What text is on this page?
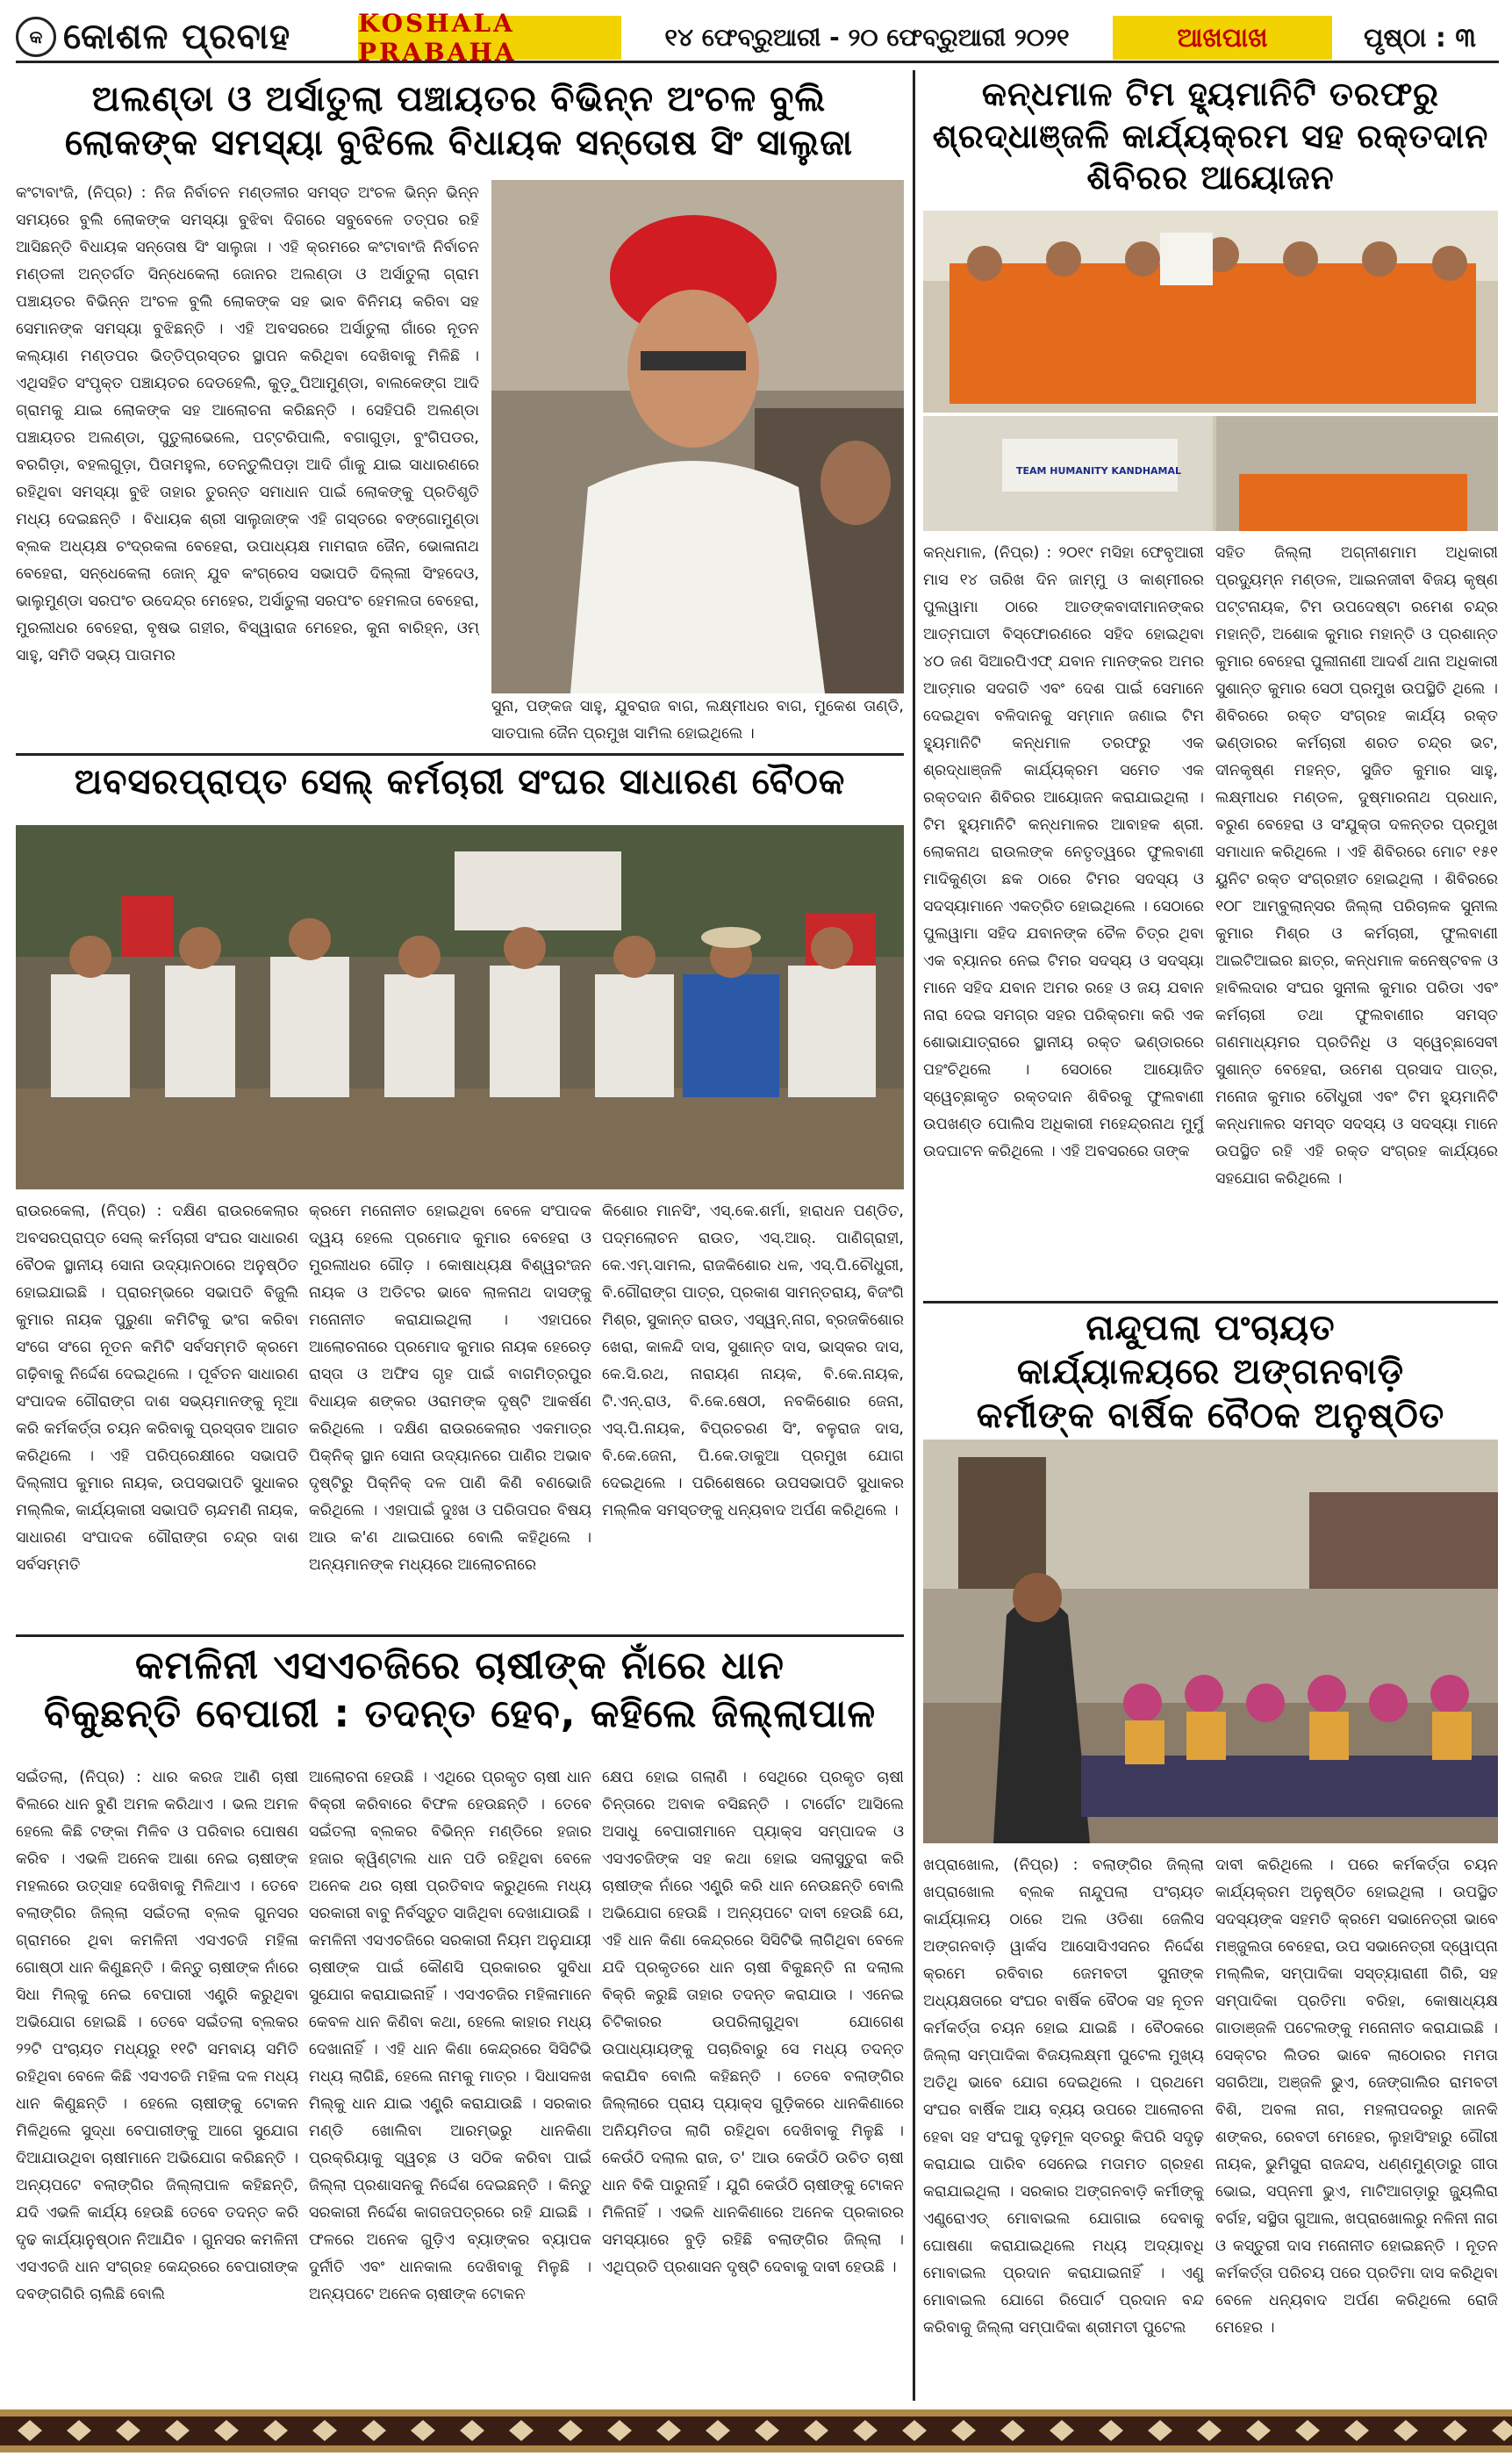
କ କୋଶଳ ପ୍ରବାହ	KOSHALA PRABAHA
୧୪ ଫେବ୍ରୁଆରୀ - ୨୦ ଫେବ୍ରୁଆରୀ ୨୦୨୧	ଆଖପାଖ	ପୃଷ୍ଠା : ୩
ଅଲଣ୍ଡା ଓ ଅର୍ସାତୁଲା ପଞ୍ଚାୟତର ବିଭିନ୍ନ ଅଂଚଳ ବୁଲି
ଲୋକଙ୍କ ସମସ୍ୟା ବୁଝିଲେ ବିଧାୟକ ସନ୍ତୋଷ ସିଂ ସାଲୁଜା
କଂଟାବାଂଜି, (ନିପ୍ର) : ନିଜ ନିର୍ବାଚନ ମଣ୍ଡଳୀର ସମସ୍ତ ଅଂଚଳ ଭିନ୍ନ ଭିନ୍ନ ସମୟରେ ବୁଲି ଲୋକଙ୍କ ସମସ୍ୟା ବୁଝିବା ଦିଗରେ ସବୁବେଳେ ତତ୍ପର ରହି ଆସିଛନ୍ତି ବିଧାୟକ ସନ୍ତୋଷ ସିଂ ସାଲୁଜା । ଏହି କ୍ରମରେ କଂଟାବାଂଜି ନିର୍ବାଚନ ମଣ୍ଡଳୀ ଅନ୍ତର୍ଗତ ସିନ୍ଧେକେଲା ଜୋନର ଅଲଣ୍ଡା ଓ ଅର୍ସାତୁଲା ଗ୍ରାମ ପଞ୍ଚାୟତର ବିଭିନ୍ନ ଅଂଚଳ ବୁଲି ଲୋକଙ୍କ ସହ ଭାବ ବିନିମୟ କରିବା ସହ ସେମାନଙ୍କ ସମସ୍ୟା ବୁଝିଛନ୍ତି । ଏହି ଅବସରରେ ଅର୍ସାତୁଲା ଗାଁରେ ନୂତନ କଲ୍ୟାଣ ମଣ୍ଡପର ଭିତ୍ତିପ୍ରସ୍ତର ସ୍ଥାପନ କରିଥିବା ଦେଖିବାକୁ ମିଳିଛି । ଏଥିସହିତ ସଂପୃକ୍ତ ପଞ୍ଚାୟତର ଦେଡହେଲି, କୁଡ଼ୁପିଆମୁଣ୍ଡା, ବାଲକେଙ୍ଗ ଆଦି ଗ୍ରାମକୁ ଯାଇ ଲୋକଙ୍କ ସହ ଆଲୋଚନା କରିଛନ୍ତି । ସେହିପରି ଅଲଣ୍ଡା ପଞ୍ଚାୟତର ଅଲଣ୍ଡା, ପୁତୁଲାଭେଲେ, ପଟ୍ଟରିପାଲି, ବଗାଗୁଡ଼ା, ବୁଂଗିପଡର, ବରଗିଡ଼ା, ବହଲଗୁଡ଼ା, ପିତାମହୁଲ, ତେନ୍ତୁଲିପଡ଼ା ଆଦି ଗାଁକୁ ଯାଇ ସାଧାରଣରେ ରହିଥିବା ସମସ୍ୟା ବୁଝି ତାହାର ତୁରନ୍ତ ସମାଧାନ ପାଇଁ ଲୋକଙ୍କୁ ପ୍ରତିଶୃତି ମଧ୍ୟ ଦେଇଛନ୍ତି । ବିଧାୟକ ଶ୍ରୀ ସାଲୁଜାଙ୍କ ଏହି ଗସ୍ତରେ ବଙ୍ଗୋମୁଣ୍ଡା ବ୍ଲକ ଅଧ୍ୟକ୍ଷ ଚଂଦ୍ରକଳା ବେହେରା, ଉପାଧ୍ୟକ୍ଷ ମାମରାଜ ଜୈନ, ଭୋଳାନାଥ ବେହେରା, ସନ୍ଧେକେଲା ଜୋନ୍ ଯୁବ କଂଗ୍ରେସ ସଭାପତି ଦିଲ୍ଲୀ ସିଂହଦେଓ, ଭାଲୁମୁଣ୍ଡା ସରପଂଚ ଉଦେନ୍ଦ୍ର ମେହେର, ଅର୍ସାତୁଲା ସରପଂଚ ହେମଲତା ବେହେରା, ମୁରଲୀଧର ବେହେରା, ବୃଷଭ ଗହୀର, ବିସ୍ୱାରାଜ ମେହେର, କୁନା ବାରିହ୍ନ, ଓମ୍ ସାହୁ, ସମିତି ସଭ୍ୟ ପାତାମର
ସୁନା, ପଙ୍କଜ ସାହୁ, ଯୁବରାଜ ବାଗ, ଲକ୍ଷ୍ମୀଧର ବାଗ, ମୁକେଶ ତାଣ୍ଡି, ସାତପାଲ ଜୈନ ପ୍ରମୁଖ ସାମିଲ ହୋଇଥିଲେ ।
ଅବସରପ୍ରାପ୍ତ ସେଲ୍ କର୍ମଚାରୀ ସଂଘର ସାଧାରଣ ବୈଠକ
ରାଉରକେଲା, (ନିପ୍ର) : ଦକ୍ଷିଣ ରାଉରକେଲାର ଅବସରପ୍ରାପ୍ତ ସେଲ୍ କର୍ମଚାରୀ ସଂଘର ସାଧାରଣ ବୈଠକ ସ୍ଥାନୀୟ ସୋନା ଉଦ୍ୟାନଠାରେ ଅନୁଷ୍ଠିତ ହୋଇଯାଇଛି । ପ୍ରାରମ୍ଭରେ ସଭାପତି ବିଜୁଲି କୁମାର ନାୟକ ପୁରୁଣା କମିଟିକୁ ଭଂଗ କରିବା ସଂଗେ ସଂଗେ ନୂତନ କମିଟି ସର୍ବସମ୍ମତି କ୍ରମେ ଗଢ଼ିବାକୁ ନିର୍ଦ୍ଦେଶ ଦେଇଥିଲେ । ପୂର୍ବତନ ସାଧାରଣ ସଂପାଦକ ଗୌରାଙ୍ଗ ଦାଶ ସଭ୍ୟମାନଙ୍କୁ ନୂଆ କରି କର୍ମକର୍ତ୍ତା ଚୟନ କରିବାକୁ ପ୍ରସ୍ତାବ ଆଗତ କରିଥିଲେ । ଏହି ପରିପ୍ରେକ୍ଷୀରେ ସଭାପତି ଦିଲ୍ଲୀପ କୁମାର ନାୟକ, ଉପସଭାପତି ସୁଧାକର ମଲ୍ଲିକ, କାର୍ଯ୍ୟକାରୀ ସଭାପତି ଚାନ୍ଦମଣି ନାୟକ, ସାଧାରଣ ସଂପାଦକ ଗୌରାଙ୍ଗ ଚନ୍ଦ୍ର ଦାଶ ସର୍ବସମ୍ମତି
କ୍ରମେ ମନୋନୀତ ହୋଇଥିବା ବେଳେ ସଂପାଦକ ଦ୍ୱୟ ହେଲେ ପ୍ରମୋଦ କୁମାର ବେହେରା ଓ ମୁରଲୀଧର ଗୌଡ଼ । କୋଷାଧ୍ୟକ୍ଷ ବିଶ୍ୱରଂଜନ ନାୟକ ଓ ଅଡିଟର ଭାବେ ଲାଳନାଥ ଦାସଙ୍କୁ ମନୋନୀତ କରାଯାଇଥିଲା । ଏହାପରେ ଆଲୋଚନାରେ ପ୍ରମୋଦ କୁମାର ନାୟକ ହେରେଡ଼ ରାସ୍ତା ଓ ଅଫିସ ଗୃହ ପାଇଁ ବାଗମିତ୍ରପୁର ବିଧାୟକ ଶଙ୍କର ଓରାମଙ୍କ ଦୃଷ୍ଟି ଆକର୍ଷଣ କରିଥିଲେ । ଦକ୍ଷିଣ ରାଉରକେଲାର ଏକମାତ୍ର ପିକ୍ନିକ୍ ସ୍ଥାନ ସୋନା ଉଦ୍ୟାନରେ ପାଣିର ଅଭାବ ଦୃଷ୍ଟିରୁ ପିକ୍ନିକ୍ ଦଳ ପାଣି କିଣି ବଣଭୋଜି କରିଥିଲେ । ଏହାପାଇଁ ଦୁଃଖ ଓ ପରିତାପର ବିଷୟ ଆଉ କ'ଣ ଥାଇପାରେ ବୋଲି କହିଥିଲେ । ଅନ୍ୟମାନଙ୍କ ମଧ୍ୟରେ ଆଲୋଚନାରେ
କିଶୋର ମାନସିଂ, ଏସ୍.କେ.ଶର୍ମା, ହାରାଧନ ପଣ୍ଡିତ, ପଦ୍ମଲୋଚନ ରାଉତ, ଏସ୍.ଆର୍. ପାଣିଗ୍ରାହୀ, କେ.ଏମ୍.ସାମଲ, ରାଜକିଶୋର ଧଳ, ଏସ୍.ପି.ଚୌଧୁରୀ, ବି.ଗୌରାଙ୍ଗ ପାତ୍ର, ପ୍ରକାଶ ସାମନ୍ତରାୟ, ବିଜଂଗି ମିଶ୍ର, ସୁକାନ୍ତ ରାଉତ, ଏସ୍ୱନ୍.ନାଗ, ବ୍ରଜକିଶୋର ଖେରା, କାଳନ୍ଦି ଦାସ, ସୁଶାନ୍ତ ଦାସ, ଭାସ୍କର ଦାସ, କେ.ସି.ରଥ, ନାରାୟଣ ନାୟକ, ବି.କେ.ନାୟକ, ଟି.ଏନ୍.ରାଓ, ବି.କେ.ଷେଠୀ, ନବକିଶୋର ଜେନା, ଏସ୍.ପି.ନାୟକ, ବିପ୍ରଚରଣ ସିଂ, ବଳୁରାଜ ଦାସ, ବି.କେ.ଜେନା, ପି.କେ.ଡାକୁଆ ପ୍ରମୁଖ ଯୋଗ ଦେଇଥିଲେ । ପରିଶେଷରେ ଉପସଭାପତି ସୁଧାକର ମଲ୍ଲିକ ସମସ୍ତଙ୍କୁ ଧନ୍ୟବାଦ ଅର୍ପଣ କରିଥିଲେ ।
କମଳିନୀ ଏସଏଚଜିରେ ଚାଷୀଙ୍କ ନାଁରେ ଧାନ
ବିକୁଛନ୍ତି ବେପାରୀ : ତଦନ୍ତ ହେବ, କହିଲେ ଜିଲ୍ଲାପାଳ
ସଇଁତଲା, (ନିପ୍ର) : ଧାର କରଜ ଆଣି ଚାଷୀ ବିଲରେ ଧାନ ବୁଣି ଅମଳ କରିଥାଏ । ଭଲ ଅମଳ ହେଲେ କିଛି ଟଙ୍କା ମିଳିବ ଓ ପରିବାର ପୋଷଣ କରିବ । ଏଭଳି ଅନେକ ଆଶା ନେଇ ଚାଷୀଙ୍କ ମହଲରେ ଉତ୍ସାହ ଦେଖିବାକୁ ମିଳିଥାଏ । ତେବେ ବଲାଙ୍ଗିର ଜିଲ୍ଲା ସଇଁତଲା ବ୍ଲକ ଗୁନସର ଗ୍ରାମରେ ଥିବା କମଳିନୀ ଏସଏଚଜି ମହିଳା ଗୋଷ୍ଠୀ ଧାନ କିଣୁଛନ୍ତି । କିନ୍ତୁ ଚାଷୀଙ୍କ ନାଁରେ ସିଧା ମିଲ୍କୁ ନେଇ ବେପାରୀ ଏଣ୍ଟ୍ରି କରୁଥିବା ଅଭିଯୋଗ ହୋଇଛି । ତେବେ ସଇଁତଲା ବ୍ଲକର ୨୨ଟି ପଂଚାୟତ ମଧ୍ୟରୁ ୧୧ଟି ସମବାୟ ସମିତି ରହିଥିବା ବେଳେ କିଛି ଏସଏଚଜି ମହିଳା ଦଳ ମଧ୍ୟ ଧାନ କିଣୁଛନ୍ତି । ହେଲେ ଚାଷୀଙ୍କୁ ଟୋକନ ମିଳିଥିଲେ ସୁଦ୍ଧା ବେପାରୀଙ୍କୁ ଆଗେ ସୁଯୋଗ ଦିଆଯାଉଥିବା ଚାଷୀମାନେ ଅଭିଯୋଗ କରିଛନ୍ତି । ଅନ୍ୟପଟେ ବଲାଙ୍ଗିର ଜିଲ୍ଲାପାଳ କହିଛନ୍ତି, ଯଦି ଏଭଳି କାର୍ଯ୍ୟ ହେଉଛି ତେବେ ତଦନ୍ତ କରି ଦୃଢ କାର୍ଯ୍ୟାନୁଷ୍ଠାନ ନିଆଯିବ । ଗୁନସର କମଳିନୀ ଏସଏଚଜି ଧାନ ସଂଗ୍ରହ କେନ୍ଦ୍ରରେ ବେପାରୀଙ୍କ ଦବଙ୍ଗଗିରି ଚାଲିଛି ବୋଲି
ଆଲୋଚନା ହେଉଛି । ଏଥିରେ ପ୍ରକୃତ ଚାଷୀ ଧାନ ବିକ୍ରୀ କରିବାରେ ବିଫଳ ହେଉଛନ୍ତି । ତେବେ ସଇଁତଲା ବ୍ଲକର ବିଭିନ୍ନ ମଣ୍ଡିରେ ହଜାର ହଜାର କ୍ୱିଣ୍ଟାଲ ଧାନ ପଡି ରହିଥିବା ବେଳେ ଅନେକ ଥର ଚାଷୀ ପ୍ରତିବାଦ କରୁଥିଲେ ମଧ୍ୟ ସରକାରୀ ବାବୁ ନିର୍ବସ୍ତୁତ ସାଜିଥିବା ଦେଖାଯାଉଛି । କମଳିନୀ ଏସଏଚଜିରେ ସରକାରୀ ନିୟମ ଅନୁଯାୟୀ ଚାଷୀଙ୍କ ପାଇଁ କୌଣସି ପ୍ରକାରର ସୁବିଧା ସୁଯୋଗ କରାଯାଇନାହିଁ । ଏସଏଚଜିର ମହିଳାମାନେ କେବଳ ଧାନ କିଣିବା କଥା, ହେଲେ କାହାର ମଧ୍ୟ ଦେଖାନାହିଁ । ଏହି ଧାନ କିଣା କେନ୍ଦ୍ରରେ ସିସିଟିଭି ମଧ୍ୟ ଲାଗିଛି, ହେଲେ ନାମକୁ ମାତ୍ର । ସିଧାସଳଖ ମିଲ୍କୁ ଧାନ ଯାଇ ଏଣ୍ଟ୍ରି କରାଯାଉଛି । ସରକାର ମଣ୍ଡି ଖୋଲିବା ଆରମ୍ଭରୁ ଧାନକିଣା ପ୍ରକ୍ରିୟାକୁ ସ୍ୱଚ୍ଛ ଓ ସଠିକ କରିବା ପାଇଁ ଜିଲ୍ଲା ପ୍ରଶାସନକୁ ନିର୍ଦ୍ଦେଶ ଦେଇଛନ୍ତି । କିନ୍ତୁ ସରକାରୀ ନିର୍ଦ୍ଦେଶ କାଗଜପତ୍ରରେ ରହି ଯାଇଛି । ଫଳରେ ଅନେକ ଗୁଡ଼ିଏ ବ୍ୟାଙ୍କର ବ୍ୟାପକ ଦୁର୍ନୀତି ଏବଂ ଧାନକାଲ ଦେଖିବାକୁ ମିଳୁଛି । ଅନ୍ୟପଟେ ଅନେକ ଚାଷୀଙ୍କ ଟୋକନ
କ୍ଷେପ ହୋଇ ଗଲାଣି । ସେଥିରେ ପ୍ରକୃତ ଚାଷୀ ଚିନ୍ତାରେ ଅବାକ ବସିଛନ୍ତି । ଟାର୍ଗେଟ ଆସିଲେ ଅସାଧୁ ବେପାରୀମାନେ ପ୍ୟାକ୍ସ ସମ୍ପାଦକ ଓ ଏସଏଚଜିଙ୍କ ସହ କଥା ହୋଇ ସଲାସୁତୁରା କରି ଚାଷୀଙ୍କ ନାଁରେ ଏଣ୍ଟ୍ରି କରି ଧାନ ନେଉଛନ୍ତି ବୋଲି ଅଭିଯୋଗ ହେଉଛି । ଅନ୍ୟପଟେ ଦାବୀ ହେଉଛି ଯେ, ଏହି ଧାନ କିଣା କେନ୍ଦ୍ରରେ ସିସିଟିଭି ଲାଗିଥିବା ବେଳେ ଯଦି ପ୍ରକୃତରେ ଧାନ ଚାଷୀ ବିକୁଛନ୍ତି ନା ଦଲାଲ ବିକ୍ରି କରୁଛି ତାହାର ତଦନ୍ତ କରାଯାଉ । ଏନେଇ ଚିଟିକାରର ଉପରିଲାଗୁଥିବା ଯୋଗେଶ ଉପାଧ୍ୟାୟଙ୍କୁ ପଚାରିବାରୁ ସେ ମଧ୍ୟ ତଦନ୍ତ କରାଯିବ ବୋଲି କହିଛନ୍ତି । ତେବେ ବଲାଙ୍ଗିର ଜିଲ୍ଲାରେ ପ୍ରାୟ ପ୍ୟାକ୍ସ ଗୁଡ଼ିକରେ ଧାନକିଣାରେ ଅନିୟମିତତା ଲାଗି ରହିଥିବା ଦେଖିବାକୁ ମିଳୁଛି । କେଉଁଠି ଦଲାଲ ରାଜ, ତ' ଆଉ କେଉଁଠି ଉଚିତ ଚାଷୀ ଧାନ ବିକି ପାରୁନାହିଁ । ଯୁଗି କେଉଁଠି ଚାଷୀଙ୍କୁ ଟୋକନ ମିଳିନାହିଁ । ଏଭଳି ଧାନକିଣାରେ ଅନେକ ପ୍ରକାରର ସମସ୍ୟାରେ ବୁଡ଼ି ରହିଛି ବଲାଙ୍ଗିର ଜିଲ୍ଲା । ଏଥିପ୍ରତି ପ୍ରଶାସନ ଦୃଷ୍ଟି ଦେବାକୁ ଦାବୀ ହେଉଛି ।
କନ୍ଧମାଳ ଟିମ ହ୍ୟୁମାନିଟି ତରଫରୁ
ଶ୍ରଦ୍ଧାଞ୍ଜଳି କାର୍ଯ୍ୟକ୍ରମ ସହ ରକ୍ତଦାନ
ଶିବିରର ଆୟୋଜନ
TEAM HUMANITY KANDHAMAL
କନ୍ଧମାଳ, (ନିପ୍ର) : ୨୦୧୯ ମସିହା ଫେବୃଆରୀ ମାସ ୧୪ ତାରିଖ ଦିନ ଜାମ୍ମୁ ଓ କାଶ୍ମୀରର ପୁଲୱାମା ଠାରେ ଆତଙ୍କବାଦୀମାନଙ୍କର ଆତ୍ମଘାତୀ ବିସ୍ଫୋରଣରେ ସହିଦ ହୋଇଥିବା ୪୦ ଜଣ ସିଆରପିଏଫ୍ ଯବାନ ମାନଙ୍କର ଅମର ଆତ୍ମାର ସଦଗତି ଏବଂ ଦେଶ ପାଇଁ ସେମାନେ ଦେଇଥିବା ବଳିଦାନକୁ ସମ୍ମାନ ଜଣାଇ ଟିମ ହ୍ୟୁମାନିଟି କନ୍ଧମାଳ ତରଫରୁ ଏକ ଶ୍ରଦ୍ଧାଞ୍ଜଳି କାର୍ଯ୍ୟକ୍ରମ ସମେତ ଏକ ରକ୍ତଦାନ ଶିବିରର ଆୟୋଜନ କରାଯାଇଥିଲା । ଟିମ ହ୍ୟୁମାନିଟି କନ୍ଧମାଳର ଆବାହକ ଶ୍ରୀ. ଲୋକନାଥ ରାଉଲଙ୍କ ନେତୃତ୍ୱରେ ଫୁଲବାଣୀ ମାଦିକୁଣ୍ଡା ଛକ ଠାରେ ଟିମର ସଦସ୍ୟ ଓ ସଦସ୍ୟାମାନେ ଏକତ୍ରିତ ହୋଇଥିଲେ । ସେଠାରେ ପୁଲୱାମା ସହିଦ ଯବାନଙ୍କ ଚୈଳ ଚିତ୍ର ଥିବା ଏକ ବ୍ୟାନର ନେଇ ଟିମର ସଦସ୍ୟ ଓ ସଦସ୍ୟା ମାନେ ସହିଦ ଯବାନ ଅମର ରହେ ଓ ଜୟ ଯବାନ ନାରା ଦେଇ ସମଗ୍ର ସହର ପରିକ୍ରମା କରି ଏକ ଶୋଭାଯାତ୍ରାରେ ସ୍ଥାନୀୟ ରକ୍ତ ଭଣ୍ଡାରରେ ପହଂଚିଥିଲେ । ସେଠାରେ ଆୟୋଜିତ ସ୍ୱେଚ୍ଛାକୃତ ରକ୍ତଦାନ ଶିବିରକୁ ଫୁଲବାଣୀ ଉପଖଣ୍ଡ ପୋଲିସ ଅଧିକାରୀ ମହେନ୍ଦ୍ରନାଥ ମୁର୍ମୁ ଉଦଘାଟନ କରିଥିଲେ । ଏହି ଅବସରରେ ତାଙ୍କ
ସହିତ ଜିଲ୍ଲା ଅଗ୍ନୀଶମାମ ଅଧିକାରୀ ପ୍ରଦ୍ୟୁମ୍ନ ମଣ୍ଡଳ, ଆଇନଜୀବୀ ବିଜୟ କୃଷ୍ଣ ପଟ୍ଟନାୟକ, ଟିମ ଉପଦେଷ୍ଟା ରମେଶ ଚନ୍ଦ୍ର ମହାନ୍ତି, ଅଶୋକ କୁମାର ମହାନ୍ତି ଓ ପ୍ରଶାନ୍ତ କୁମାର ବେହେରା ପୁଲୀନାଣୀ ଆଦର୍ଶ ଥାନା ଅଧିକାରୀ ସୁଶାନ୍ତ କୁମାର ସେଠୀ ପ୍ରମୁଖ ଉପସ୍ଥିତି ଥିଲେ । ଶିବିରରେ ରକ୍ତ ସଂଗ୍ରହ କାର୍ଯ୍ୟ ରକ୍ତ ଭଣ୍ଡାରର କର୍ମଚାରୀ ଶରତ ଚନ୍ଦ୍ର ଭଟ, ଦୀନକୃଷ୍ଣ ମହନ୍ତ, ସୁଜିତ କୁମାର ସାହୁ, ଲକ୍ଷ୍ମୀଧର ମଣ୍ଡଳ, ଦୁଷ୍ମାରନାଥ ପ୍ରଧାନ, ବରୁଣ ବେହେରା ଓ ସଂଯୁକ୍ତା ଦଳନ୍ତର ପ୍ରମୁଖ ସମାଧାନ କରିଥିଲେ । ଏହି ଶିବିରରେ ମୋଟ ୧୫୧ ୟୁନିଟ ରକ୍ତ ସଂଗ୍ରହୀତ ହୋଇଥିଲା । ଶିବିରରେ ୧୦୮ ଆମ୍ବୁଲାନ୍ସର ଜିଲ୍ଲା ପରିଚାଳକ ସୁନୀଲ କୁମାର ମିଶ୍ର ଓ କର୍ମଚାରୀ, ଫୁଲବାଣୀ ଆଇଟିଆଇର ଛାତ୍ର, କନ୍ଧମାଳ କନେଷ୍ଟବଳ ଓ ହାବିଲଦାର ସଂଘର ସୁନୀଲ କୁମାର ପରିଡା ଏବଂ କର୍ମଚାରୀ ତଥା ଫୁଲବାଣୀର ସମସ୍ତ ଗଣମାଧ୍ୟମର ପ୍ରତିନିଧି ଓ ସ୍ୱେଚ୍ଛାସେବୀ ସୁଶାନ୍ତ ବେହେରା, ଉମେଶ ପ୍ରସାଦ ପାତ୍ର, ମନୋଜ କୁମାର ଚୌଧୁରୀ ଏବଂ ଟିମ ହ୍ୟୁମାନିଟି କନ୍ଧମାଳର ସମସ୍ତ ସଦସ୍ୟ ଓ ସଦସ୍ୟା ମାନେ ଉପସ୍ଥିତ ରହି ଏହି ରକ୍ତ ସଂଗ୍ରହ କାର୍ଯ୍ୟରେ ସହଯୋଗ କରିଥିଲେ ।
ନାନ୍ଦୁପଲା ପଂଚାୟତ
କାର୍ଯ୍ୟାଳୟରେ ଅଙ୍ଗନବାଡ଼ି
କର୍ମୀଙ୍କ ବାର୍ଷିକ ବୈଠକ ଅନୁଷ୍ଠିତ
ଖପ୍ରାଖୋଲ, (ନିପ୍ର) : ବଲାଙ୍ଗିର ଜିଲ୍ଲା ଖପ୍ରାଖୋଲ ବ୍ଲକ ନାନ୍ଦୁପଲା ପଂଚାୟତ କାର୍ଯ୍ୟାଳୟ ଠାରେ ଅଲ ଓଡିଶା ଜେଲିସ ଅଙ୍ଗନବାଡ଼ି ୱାର୍କସ ଆସୋସିଏସନର ନିର୍ଦ୍ଦେଶ କ୍ରମେ ରବିବାର ଜେମବତୀ ସୁନାଙ୍କ ଅଧ୍ୟକ୍ଷତାରେ ସଂଘର ବାର୍ଷିକ ବୈଠକ ସହ ନୂତନ କର୍ମକର୍ତ୍ତା ଚୟନ ହୋଇ ଯାଇଛି । ବୈଠକରେ ଜିଲ୍ଲା ସମ୍ପାଦିକା ବିଜୟଲକ୍ଷ୍ମୀ ପୁଟେଲ ମୁଖ୍ୟ ଅତିଥି ଭାବେ ଯୋଗ ଦେଇଥିଲେ । ପ୍ରଥମେ ସଂଘର ବାର୍ଷିକ ଆୟ ବ୍ୟୟ ଉପରେ ଆଲୋଚନା ହେବା ସହ ସଂଘକୁ ଦୃଢ଼ମୂଳ ସ୍ତରରୁ କିପରି ସଦୃଢ଼ କରାଯାଇ ପାରିବ ସେନେଇ ମତାମତ ଗ୍ରହଣ କରାଯାଇଥିଲା । ସରକାର ଅଙ୍ଗନବାଡ଼ି କର୍ମୀଙ୍କୁ ଏଣ୍ଡ୍ରୋଏଡ୍ ମୋବାଇଲ ଯୋଗାଇ ଦେବାକୁ ଘୋଷଣା କରାଯାଇଥିଲେ ମଧ୍ୟ ଅଦ୍ୟାବଧି ମୋବାଇଲ ପ୍ରଦାନ କରାଯାଇନାହିଁ । ଏଣୁ ମୋବାଇଲ ଯୋଗେ ରିପୋର୍ଟ ପ୍ରଦାନ ବନ୍ଦ କରିବାକୁ ଜିଲ୍ଲା ସମ୍ପାଦିକା ଶ୍ରୀମତୀ ପୁଟେଲ
ଦାବୀ କରିଥିଲେ । ପରେ କର୍ମକର୍ତ୍ତା ଚୟନ କାର୍ଯ୍ୟକ୍ରମ ଅନୁଷ୍ଠିତ ହୋଇଥିଲା । ଉପସ୍ଥିତ ସଦସ୍ୟଙ୍କ ସହମତି କ୍ରମେ ସଭାନେତ୍ରୀ ଭାବେ ମଞ୍ଜୁଲତା ବେହେରା, ଉପ ସଭାନେତ୍ରୀ ଦ୍ୱୋପ୍ନା ମଲ୍ଲିକ, ସମ୍ପାଦିକା ସସ୍ତ୍ୟାରାଣୀ ଗିରି, ସହ ସମ୍ପାଦିକା ପ୍ରତିମା ବରିହା, କୋଷାଧ୍ୟକ୍ଷ ଗାଡାଞ୍ଜଳି ପଟେଲଙ୍କୁ ମନୋନୀତ କରାଯାଇଛି । ସେକ୍ଟର ଲିଡର ଭାବେ ଲାଠୋରର ମମତା ସଗରିଆ, ଅଞ୍ଜଳି ଭୁଏ, ଜେଙ୍ଗାଲିର ରାମବତୀ ବିଶି, ଅବଳା ନାଗ, ମହଲାପଦରରୁ ଜାନକି ଶଙ୍କର, ରେବତୀ ମେହେର, ଲୁହାସିଂହାରୁ ଗୌରୀ ନାୟକ, ଭୁମିସୁରା ରାଜନ୍ଦସ, ଧଣ୍ଣମୁଣ୍ଡାରୁ ଗୀତା ଭୋଇ, ସପ୍ନମୀ ଭୁଏ, ମାଟିଆଗଡ଼ାରୁ ଜ୍ୟୁଲିରା ବର୍ଗହ, ସସ୍ଥିତା ଗୁଆଲ, ଖପ୍ରାଖୋଲରୁ ନଳିନୀ ନାଗ ଓ କସ୍ତୁରୀ ଦାସ ମନୋନୀତ ହୋଇଛନ୍ତି । ନୂତନ କର୍ମକର୍ତ୍ତା ପରିଚୟ ପରେ ପ୍ରତିମା ଦାସ କରିଥିବା ବେଳେ ଧନ୍ୟବାଦ ଅର୍ପଣ କରିଥିଲେ ରୋଜି ମେହେର ।
